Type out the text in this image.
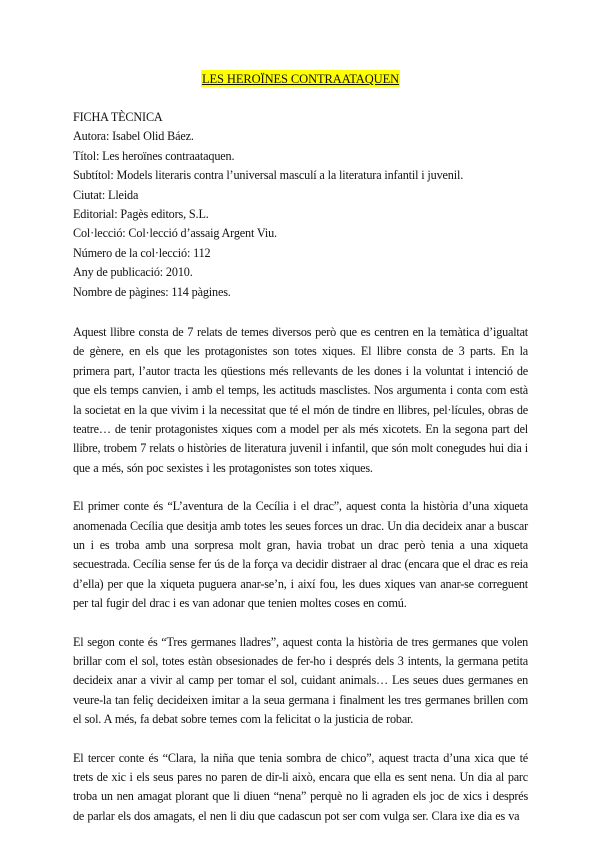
LES HEROÏNES CONTRAATAQUEN
FICHA TÈCNICA
Autora: Isabel Olid Báez.
Títol: Les heroïnes contraataquen.
Subtítol: Models literaris contra l’universal masculí a la literatura infantil i juvenil.
Ciutat: Lleida
Editorial: Pagès editors, S.L.
Col·lecció: Col·lecció d’assaig Argent Viu.
Número de la col·lecció: 112
Any de publicació: 2010.
Nombre de pàgines: 114 pàgines.

Aquest llibre consta de 7 relats de temes diversos però que es centren en la temàtica d’igualtat de gènere, en els que les protagonistes son totes xiques. El llibre consta de 3 parts. En la primera part, l’autor tracta les qüestions més rellevants de les dones i la voluntat i intenció de que els temps canvien, i amb el temps, les actituds masclistes. Nos argumenta i conta com està la societat en la que vivim i la necessitat que té el món de tindre en llibres, pel·lícules, obras de teatre… de tenir protagonistes xiques com a model per als més xicotets. En la segona part del llibre, trobem 7 relats o històries de literatura juvenil i infantil, que són molt conegudes hui dia i que a més, són poc sexistes i les protagonistes son totes xiques.

El primer conte és “L’aventura de la Cecília i el drac”, aquest conta la història d’una xiqueta anomenada Cecília que desitja amb totes les seues forces un drac. Un dia decideix anar a buscar un i es troba amb una sorpresa molt gran, havia trobat un drac però tenia a una xiqueta secuestrada. Cecília sense fer ús de la força va decidir distraer al drac (encara que el drac es reia d’ella) per que la xiqueta puguera anar-se’n, i així fou, les dues xiques van anar-se correguent per tal fugir del drac i es van adonar que tenien moltes coses en comú.

El segon conte és “Tres germanes lladres”, aquest conta la història de tres germanes que volen brillar com el sol, totes estàn obsesionades de fer-ho i després dels 3 intents, la germana petita decideix anar a vivir al camp per tomar el sol, cuidant animals… Les seues dues germanes en veure-la tan feliç decideixen imitar a la seua germana i finalment les tres germanes brillen com el sol. A més, fa debat sobre temes com la felicitat o la justicia de robar.

El tercer conte és “Clara, la niña que tenia sombra de chico”, aquest tracta d’una xica que té trets de xic i els seus pares no paren de dir-li això, encara que ella es sent nena. Un dia al parc troba un nen amagat plorant que li diuen “nena” perquè no li agraden els joc de xics i després de parlar els dos amagats, el nen li diu que cadascun pot ser com vulga ser. Clara ixe dia es va
